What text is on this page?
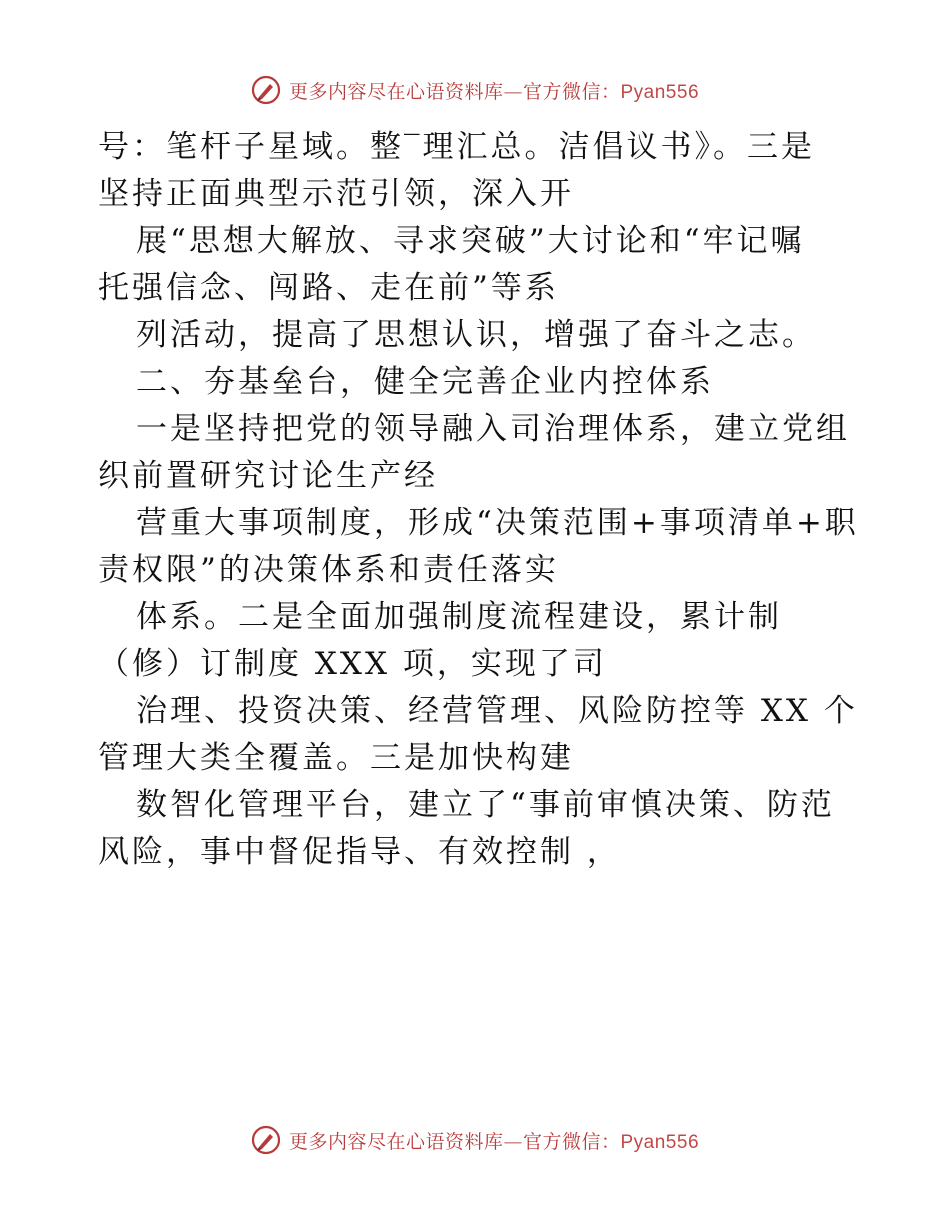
更多内容尽在心语资料库—官方微信：Pyan556
号：笔杆子星域。整‾理汇总。洁倡议书》。三是
坚持正面典型示范引领，深入开
展“思想大解放、寻求突破”大讨论和“牢记嘱
托强信念、闯路、走在前”等系
列活动，提高了思想认识，增强了奋斗之志。
二、夯基垒台，健全完善企业内控体系
一是坚持把党的领导融入司治理体系，建立党组
织前置研究讨论生产经
营重大事项制度，形成“决策范围+事项清单+职
责权限”的决策体系和责任落实
体系。二是全面加强制度流程建设，累计制
（修）订制度 XXX 项，实现了司
治理、投资决策、经营管理、风险防控等 XX 个
管理大类全覆盖。三是加快构建
数智化管理平台，建立了“事前审慎决策、防范
风险，事中督促指导、有效控制 ，
更多内容尽在心语资料库—官方微信：Pyan556
